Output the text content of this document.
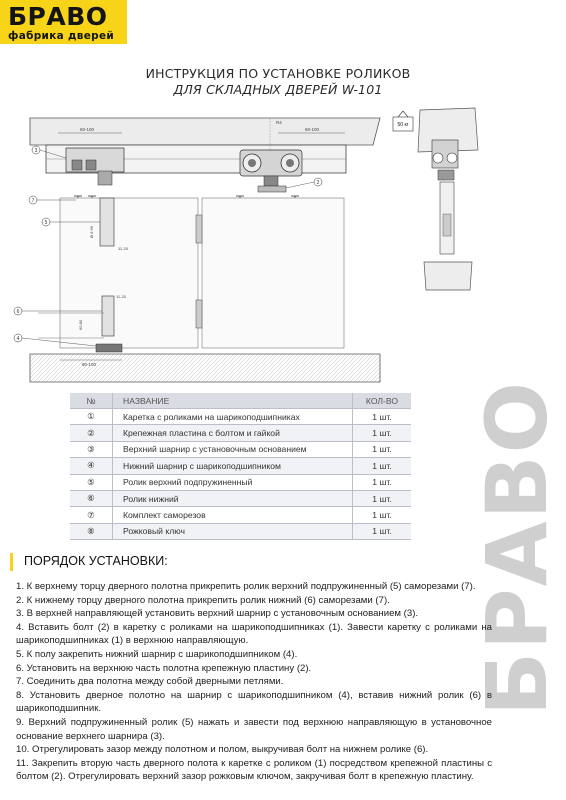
БРАВО
фабрика дверей
ИНСТРУКЦИЯ ПО УСТАНОВКЕ РОЛИКОВ
ДЛЯ СКЛАДНЫХ ДВЕРЕЙ W-101
60-100	60-100
R4
Ø 8 96
11-20
11-20
60-80
60-100
3
2
7
5
6
4
50 кг
БРАВО
№	НАЗВАНИЕ	КОЛ-ВО
①	Каретка с роликами на шарикоподшипниках	1 шт.
②	Крепежная пластина с болтом и гайкой	1 шт.
③	Верхний шарнир с установочным основанием	1 шт.
④	Нижний шарнир с шарикоподшипником	1 шт.
⑤	Ролик верхний подпружиненный	1 шт.
⑥	Ролик нижний	1 шт.
⑦	Комплект саморезов	1 шт.
⑧	Рожковый ключ	1 шт.
ПОРЯДОК УСТАНОВКИ:
1. К верхнему торцу дверного полотна прикрепить ролик верхний подпружиненный (5) саморезами (7).
2. К нижнему торцу дверного полотна прикрепить ролик нижний (6) саморезами (7).
3. В верхней направляющей установить верхний шарнир с установочным основанием (3).
4. Вставить болт (2) в каретку с роликами на шарикоподшипниках (1). Завести каретку с роликами на шарикоподшипниках (1) в верхнюю направляющую.
5. К полу закрепить нижний шарнир с шарикоподшипником (4).
6. Установить на верхнюю часть полотна крепежную пластину (2).
7. Соединить два полотна между собой дверными петлями.
8. Установить дверное полотно на шарнир с шарикоподшипником (4), вставив нижний ролик (6) в шарикоподшипник.
9. Верхний подпружиненный ролик (5) нажать и завести под верхнюю направляющую в установочное основание верхнего шарнира (3).
10. Отрегулировать зазор между полотном и полом, выкручивая болт на нижнем ролике (6).
11. Закрепить вторую часть дверного полота к каретке с роликом (1) посредством крепежной пластины с болтом (2). Отрегулировать верхний зазор рожковым ключом, закручивая болт в крепежную пластину.
